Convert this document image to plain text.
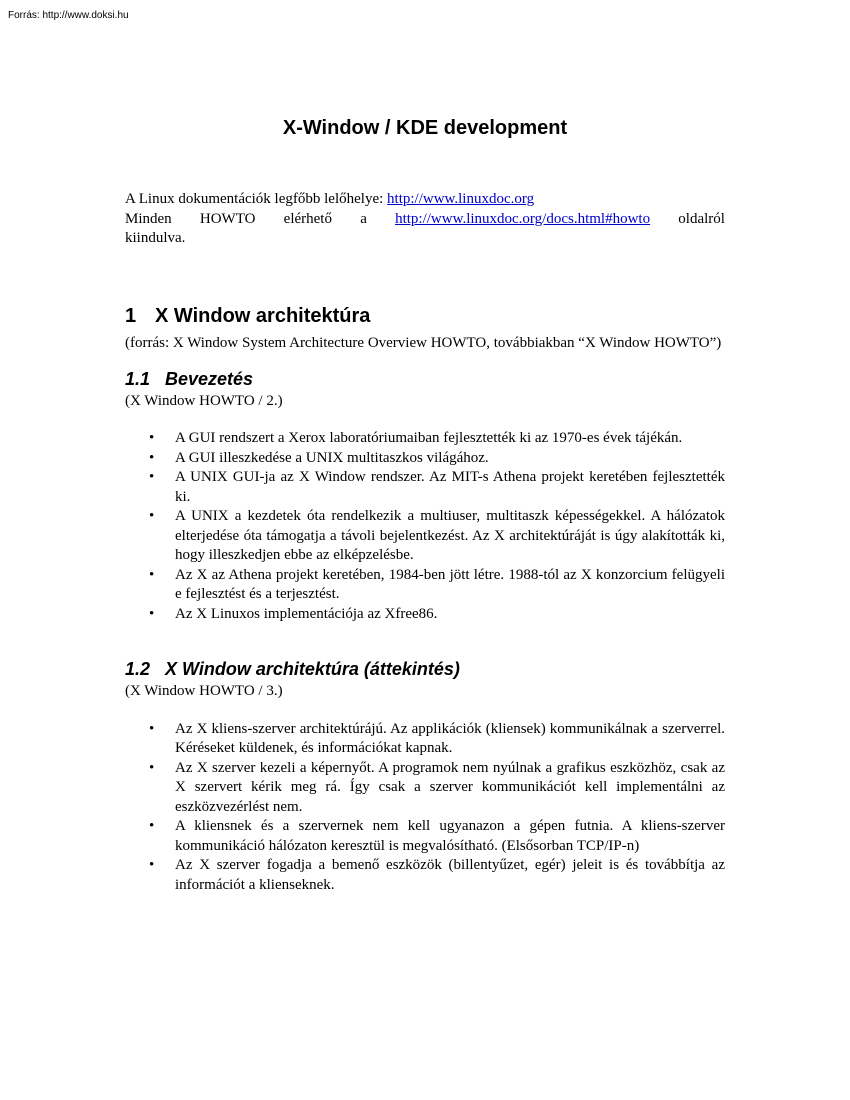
Forrás: http://www.doksi.hu
X-Window / KDE development
A Linux dokumentációk legfőbb lelőhelye: http://www.linuxdoc.org
Minden HOWTO elérhető a http://www.linuxdoc.org/docs.html#howto oldalról
kiindulva.
1 X Window architektúra
(forrás: X Window System Architecture Overview HOWTO, továbbiakban “X Window HOWTO”)
1.1 Bevezetés
(X Window HOWTO / 2.)
• A GUI rendszert a Xerox laboratóriumaiban fejlesztették ki az 1970-es évek tájékán.
• A GUI illeszkedése a UNIX multitaszkos világához.
• A UNIX GUI-ja az X Window rendszer. Az MIT-s Athena projekt keretében fejlesztették ki.
• A UNIX a kezdetek óta rendelkezik a multiuser, multitaszk képességekkel. A hálózatok elterjedése óta támogatja a távoli bejelentkezést. Az X architektúráját is úgy alakították ki, hogy illeszkedjen ebbe az elképzelésbe.
• Az X az Athena projekt keretében, 1984-ben jött létre. 1988-tól az X konzorcium felügyeli e fejlesztést és a terjesztést.
• Az X Linuxos implementációja az Xfree86.
1.2 X Window architektúra (áttekintés)
(X Window HOWTO / 3.)
• Az X kliens-szerver architektúrájú. Az applikációk (kliensek) kommunikálnak a szerverrel. Kéréseket küldenek, és információkat kapnak.
• Az X szerver kezeli a képernyőt. A programok nem nyúlnak a grafikus eszközhöz, csak az X szervert kérik meg rá. Így csak a szerver kommunikációt kell implementálni az eszközvezérlést nem.
• A kliensnek és a szervernek nem kell ugyanazon a gépen futnia. A kliens-szerver kommunikáció hálózaton keresztül is megvalósítható. (Elsősorban TCP/IP-n)
• Az X szerver fogadja a bemenő eszközök (billentyűzet, egér) jeleit is és továbbítja az információt a klienseknek.
